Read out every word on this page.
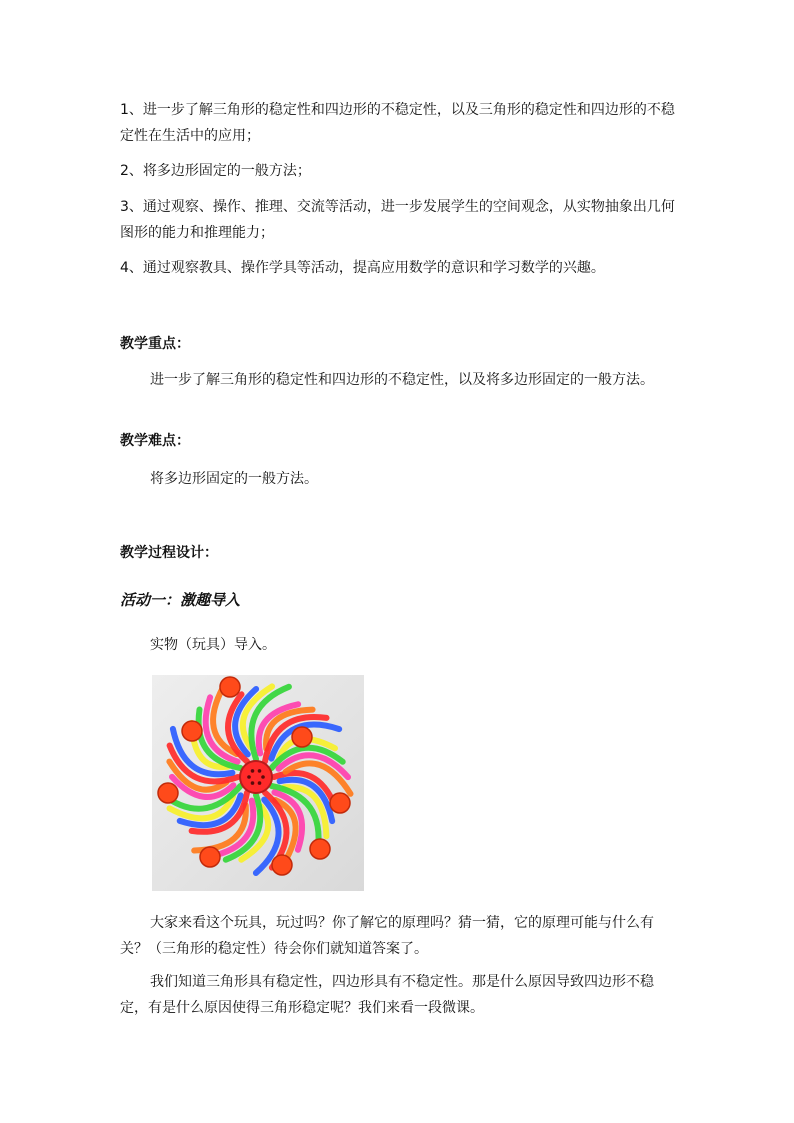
1、进一步了解三角形的稳定性和四边形的不稳定性，以及三角形的稳定性和四边形的不稳定性在生活中的应用；

2、将多边形固定的一般方法；

3、通过观察、操作、推理、交流等活动，进一步发展学生的空间观念，从实物抽象出几何图形的能力和推理能力；

4、通过观察教具、操作学具等活动，提高应用数学的意识和学习数学的兴趣。

教学重点：

进一步了解三角形的稳定性和四边形的不稳定性，以及将多边形固定的一般方法。

教学难点：

将多边形固定的一般方法。

教学过程设计：
活动一：激趣导入

实物（玩具）导入。

大家来看这个玩具，玩过吗？你了解它的原理吗？猜一猜，它的原理可能与什么有关？（三角形的稳定性）待会你们就知道答案了。

我们知道三角形具有稳定性，四边形具有不稳定性。那是什么原因导致四边形不稳定，有是什么原因使得三角形稳定呢？我们来看一段微课。
